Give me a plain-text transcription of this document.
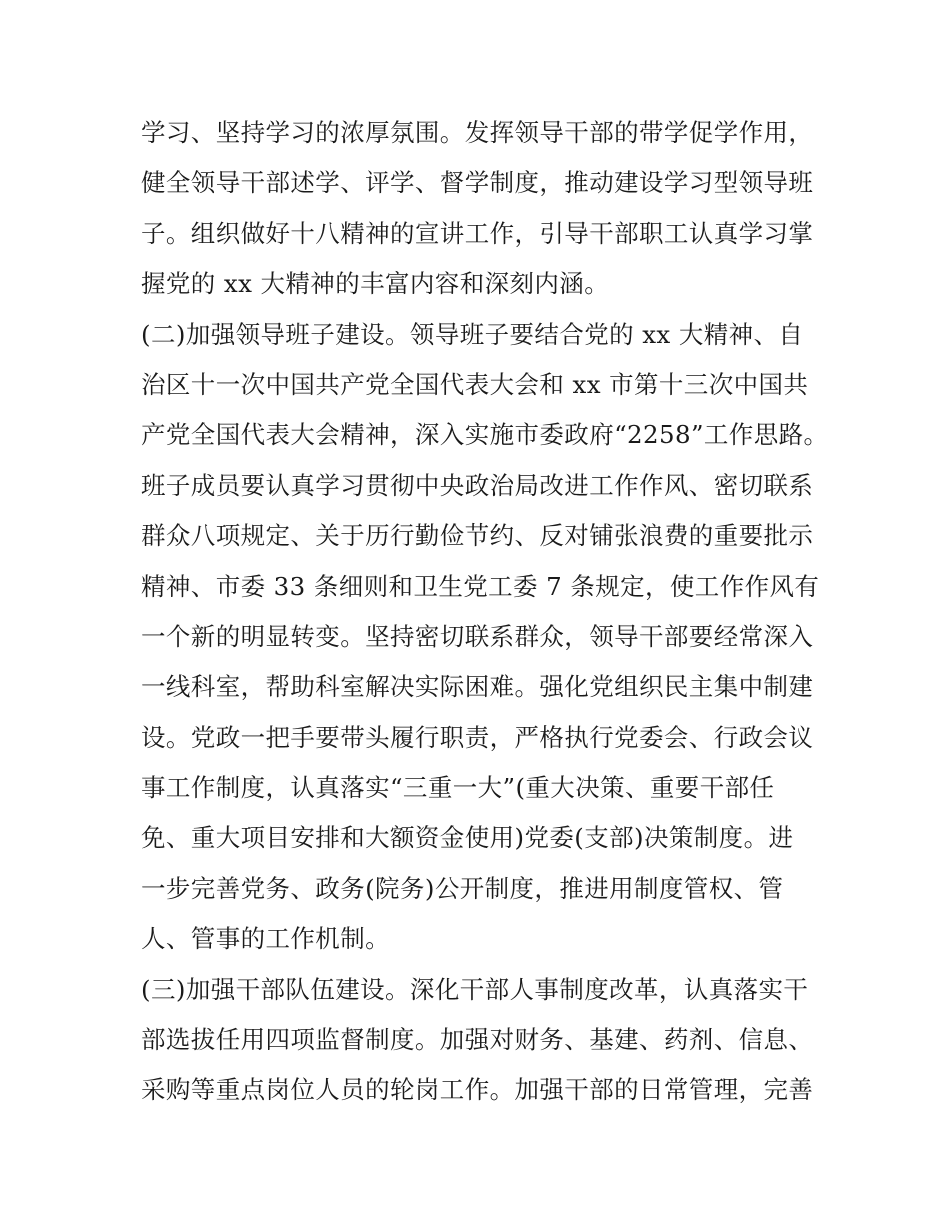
学习、坚持学习的浓厚氛围。发挥领导干部的带学促学作用，
健全领导干部述学、评学、督学制度，推动建设学习型领导班
子。组织做好十八精神的宣讲工作，引导干部职工认真学习掌
握党的 xx 大精神的丰富内容和深刻内涵。
(二)加强领导班子建设。领导班子要结合党的 xx 大精神、自
治区十一次中国共产党全国代表大会和 xx 市第十三次中国共
产党全国代表大会精神，深入实施市委政府“2258”工作思路。
班子成员要认真学习贯彻中央政治局改进工作作风、密切联系
群众八项规定、关于历行勤俭节约、反对铺张浪费的重要批示
精神、市委 33 条细则和卫生党工委 7 条规定，使工作作风有
一个新的明显转变。坚持密切联系群众，领导干部要经常深入
一线科室，帮助科室解决实际困难。强化党组织民主集中制建
设。党政一把手要带头履行职责，严格执行党委会、行政会议
事工作制度，认真落实“三重一大”(重大决策、重要干部任
免、重大项目安排和大额资金使用)党委(支部)决策制度。进
一步完善党务、政务(院务)公开制度，推进用制度管权、管
人、管事的工作机制。
(三)加强干部队伍建设。深化干部人事制度改革，认真落实干
部选拔任用四项监督制度。加强对财务、基建、药剂、信息、
采购等重点岗位人员的轮岗工作。加强干部的日常管理，完善
